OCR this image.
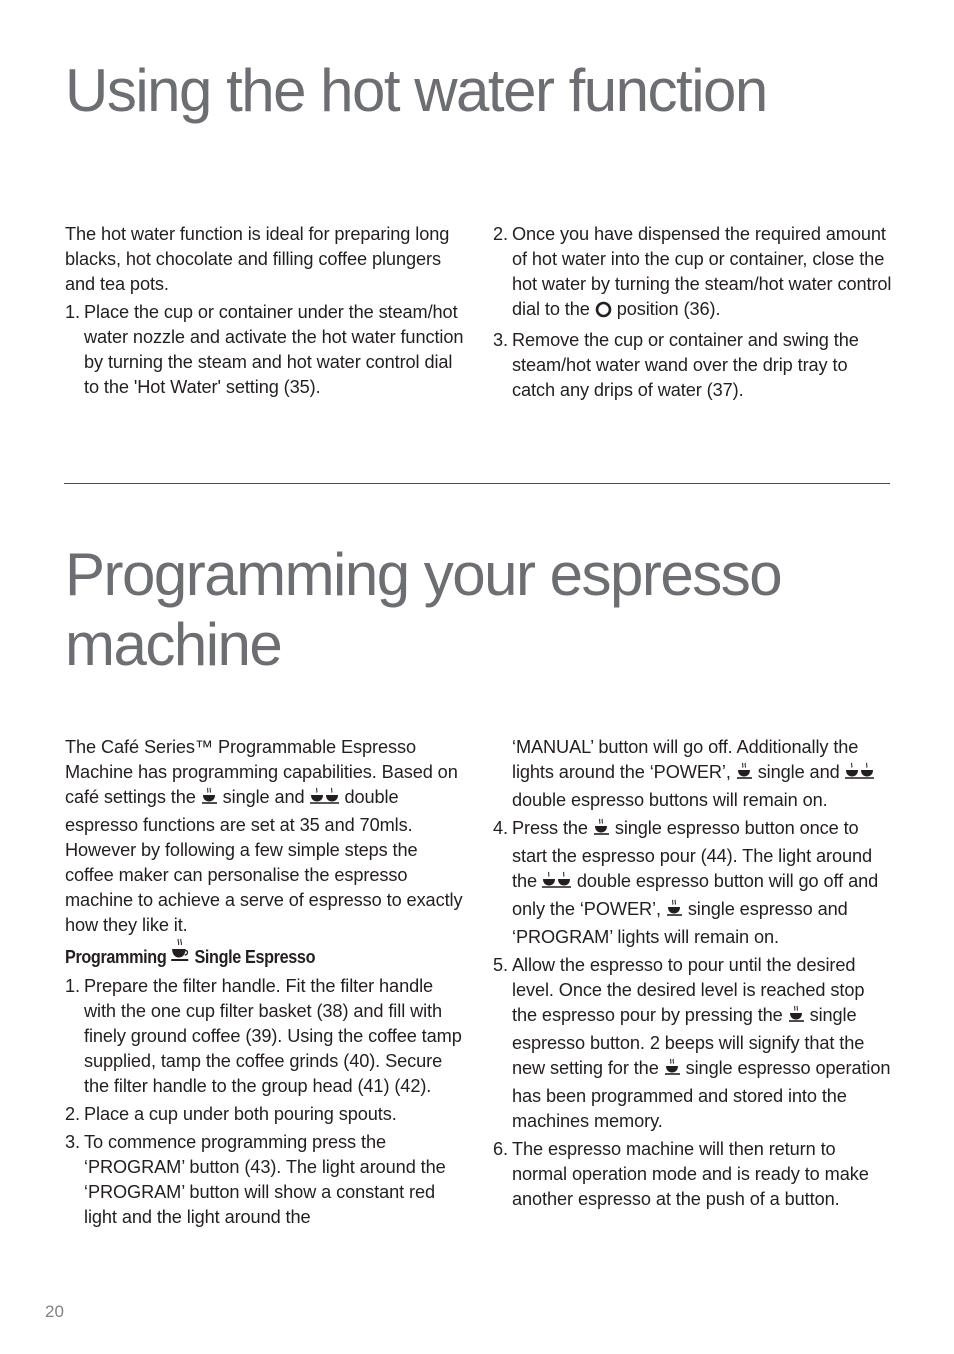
Using the hot water function

The hot water function is ideal for preparing long blacks, hot chocolate and filling coffee plungers and tea pots.

1. Place the cup or container under the steam/hot water nozzle and activate the hot water function by turning the steam and hot water control dial to the 'Hot Water' setting (35).
2. Once you have dispensed the required amount of hot water into the cup or container, close the hot water by turning the steam/hot water control dial to the position (36).
3. Remove the cup or container and swing the steam/hot water wand over the drip tray to catch any drips of water (37).
Programming your espresso
machine

The Café Series™ Programmable Espresso Machine has programming capabilities. Based on café settings the single and double espresso functions are set at 35 and 70mls. However by following a few simple steps the coffee maker can personalise the espresso machine to achieve a serve of espresso to exactly how they like it.

Programming Single Espresso

1. Prepare the filter handle. Fit the filter handle with the one cup filter basket (38) and fill with finely ground coffee (39). Using the coffee tamp supplied, tamp the coffee grinds (40). Secure the filter handle to the group head (41) (42).
2. Place a cup under both pouring spouts.
3. To commence programming press the ‘PROGRAM’ button (43). The light around the ‘PROGRAM’ button will show a constant red light and the light around the
‘MANUAL’ button will go off. Additionally the lights around the ‘POWER’, single and  double espresso buttons will remain on.
4. Press the single espresso button once to start the espresso pour (44). The light around the double espresso button will go off and only the ‘POWER’, single espresso and ‘PROGRAM’ lights will remain on.
5. Allow the espresso to pour until the desired level. Once the desired level is reached stop the espresso pour by pressing the single espresso button. 2 beeps will signify that the new setting for the single espresso operation has been programmed and stored into the machines memory.
6. The espresso machine will then return to normal operation mode and is ready to make another espresso at the push of a button.
20
